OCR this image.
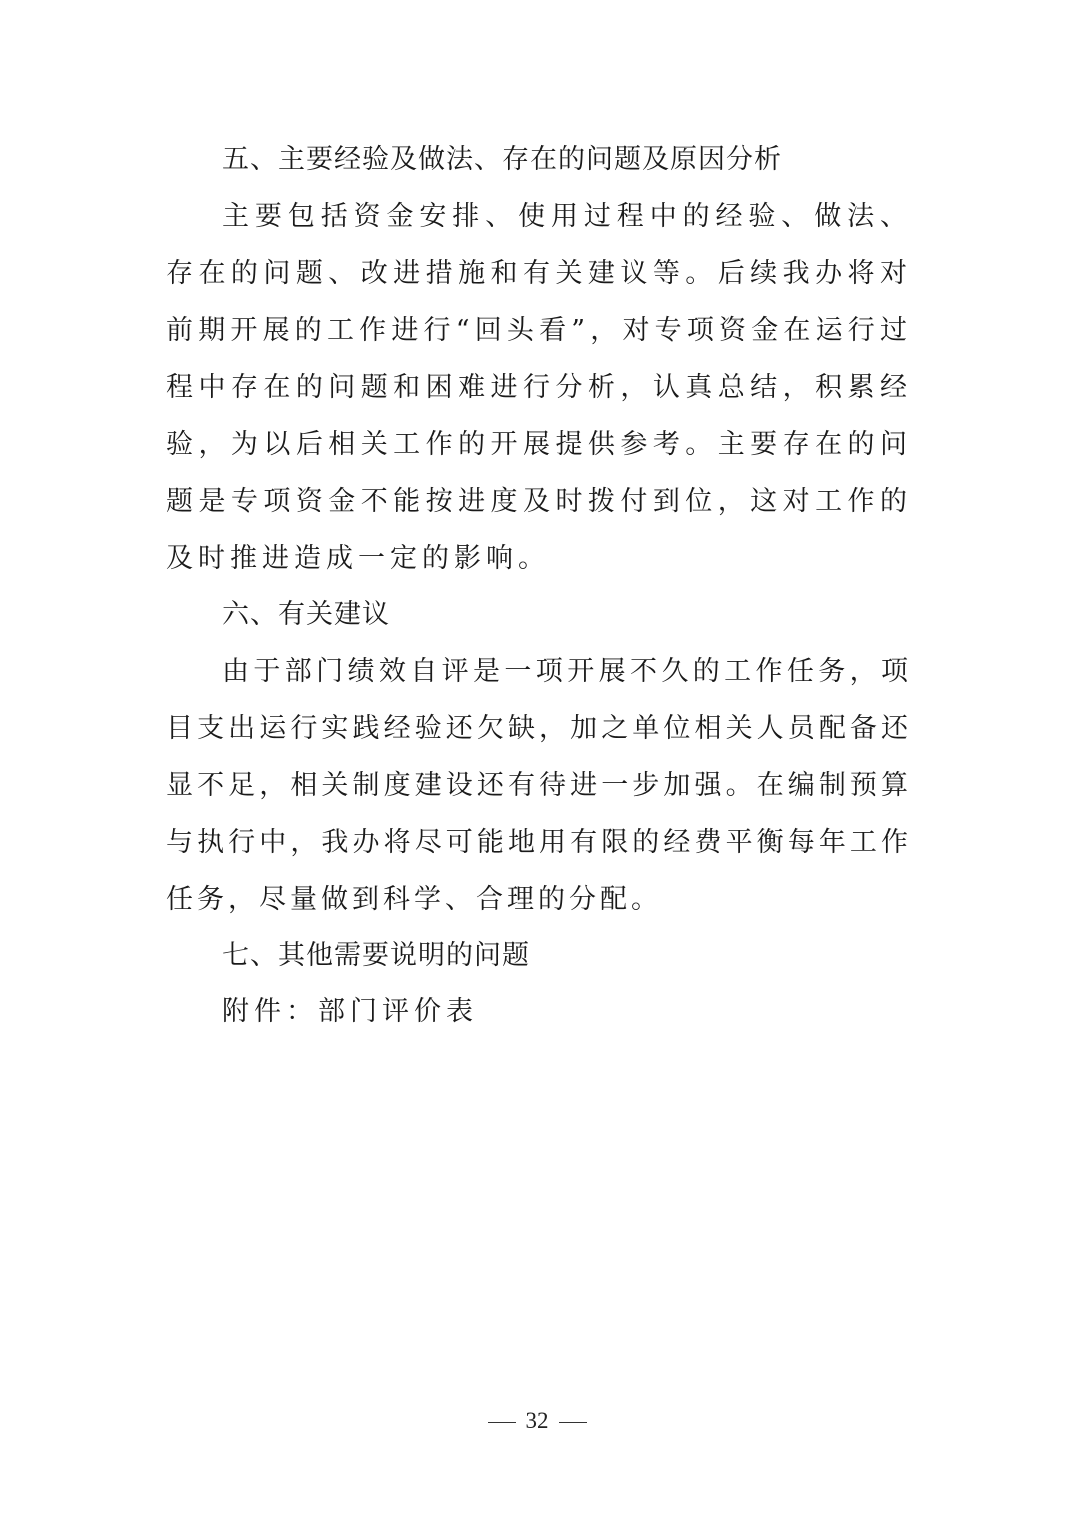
五、主要经验及做法、存在的问题及原因分析
主要包括资金安排、使用过程中的经验、做法、存在的问题、改进措施和有关建议等。后续我办将对前期开展的工作进行“回头看”，对专项资金在运行过程中存在的问题和困难进行分析，认真总结，积累经验，为以后相关工作的开展提供参考。主要存在的问题是专项资金不能按进度及时拨付到位，这对工作的及时推进造成一定的影响。
六、有关建议
由于部门绩效自评是一项开展不久的工作任务，项目支出运行实践经验还欠缺，加之单位相关人员配备还显不足，相关制度建设还有待进一步加强。在编制预算与执行中，我办将尽可能地用有限的经费平衡每年工作任务，尽量做到科学、合理的分配。
七、其他需要说明的问题
附件：部门评价表
32
